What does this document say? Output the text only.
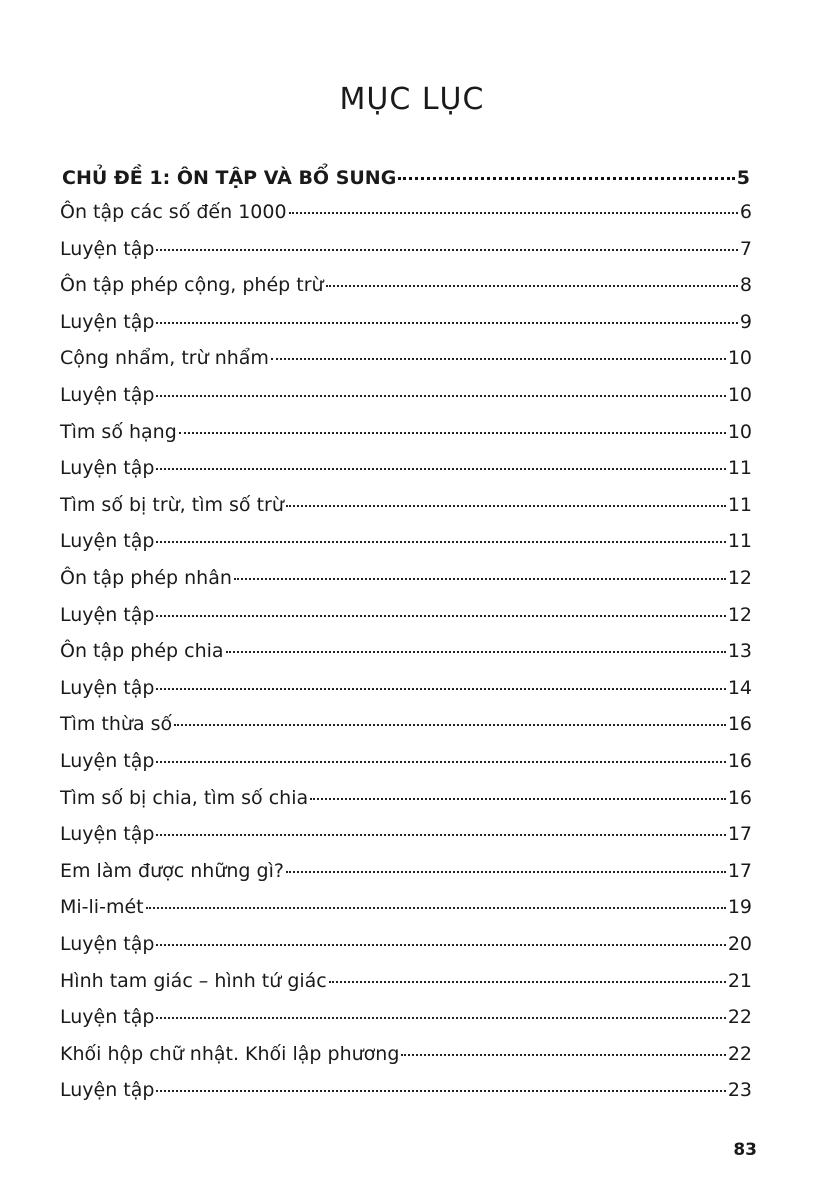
MỤC LỤC
CHỦ ĐỀ 1: ÔN TẬP VÀ BỔ SUNG	5
Ôn tập các số đến 1000	6
Luyện tập	7
Ôn tập phép cộng, phép trừ	8
Luyện tập	9
Cộng nhẩm, trừ nhẩm	10
Luyện tập	10
Tìm số hạng	10
Luyện tập	11
Tìm số bị trừ, tìm số trừ	11
Luyện tập	11
Ôn tập phép nhân	12
Luyện tập	12
Ôn tập phép chia	13
Luyện tập	14
Tìm thừa số	16
Luyện tập	16
Tìm số bị chia, tìm số chia	16
Luyện tập	17
Em làm được những gì?	17
Mi-li-mét	19
Luyện tập	20
Hình tam giác – hình tứ giác	21
Luyện tập	22
Khối hộp chữ nhật. Khối lập phương	22
Luyện tập	23
83
